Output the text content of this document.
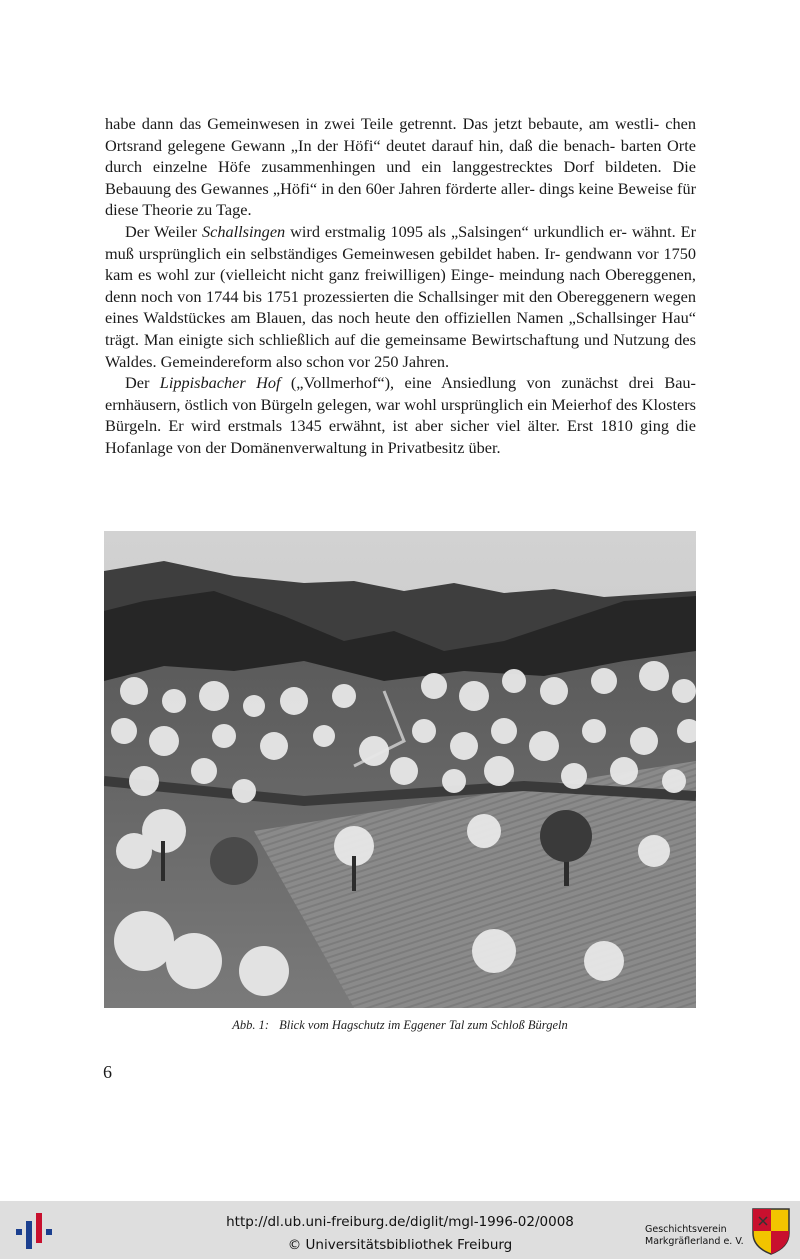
habe dann das Gemeinwesen in zwei Teile getrennt. Das jetzt bebaute, am westli- chen Ortsrand gelegene Gewann „In der Höfi“ deutet darauf hin, daß die benach- barten Orte durch einzelne Höfe zusammenhingen und ein langgestrecktes Dorf bildeten. Die Bebauung des Gewannes „Höfi“ in den 60er Jahren förderte aller- dings keine Beweise für diese Theorie zu Tage.

Der Weiler Schallsingen wird erstmalig 1095 als „Salsingen“ urkundlich er- wähnt. Er muß ursprünglich ein selbständiges Gemeinwesen gebildet haben. Ir- gendwann vor 1750 kam es wohl zur (vielleicht nicht ganz freiwilligen) Einge- meindung nach Obereggenen, denn noch von 1744 bis 1751 prozessierten die Schallsinger mit den Obereggenern wegen eines Waldstückes am Blauen, das noch heute den offiziellen Namen „Schallsinger Hau“ trägt. Man einigte sich schließlich auf die gemeinsame Bewirtschaftung und Nutzung des Waldes. Gemeindereform also schon vor 250 Jahren.

Der Lippisbacher Hof („Vollmerhof“), eine Ansiedlung von zunächst drei Bau- ernhäusern, östlich von Bürgeln gelegen, war wohl ursprünglich ein Meierhof des Klosters Bürgeln. Er wird erstmals 1345 erwähnt, ist aber sicher viel älter. Erst 1810 ging die Hofanlage von der Domänenverwaltung in Privatbesitz über.

Abb. 1: Blick vom Hagschutz im Eggener Tal zum Schloß Bürgeln
6
http://dl.ub.uni-freiburg.de/diglit/mgl-1996-02/0008
© Universitätsbibliothek Freiburg
Geschichtsverein
Markgräflerland e. V.
